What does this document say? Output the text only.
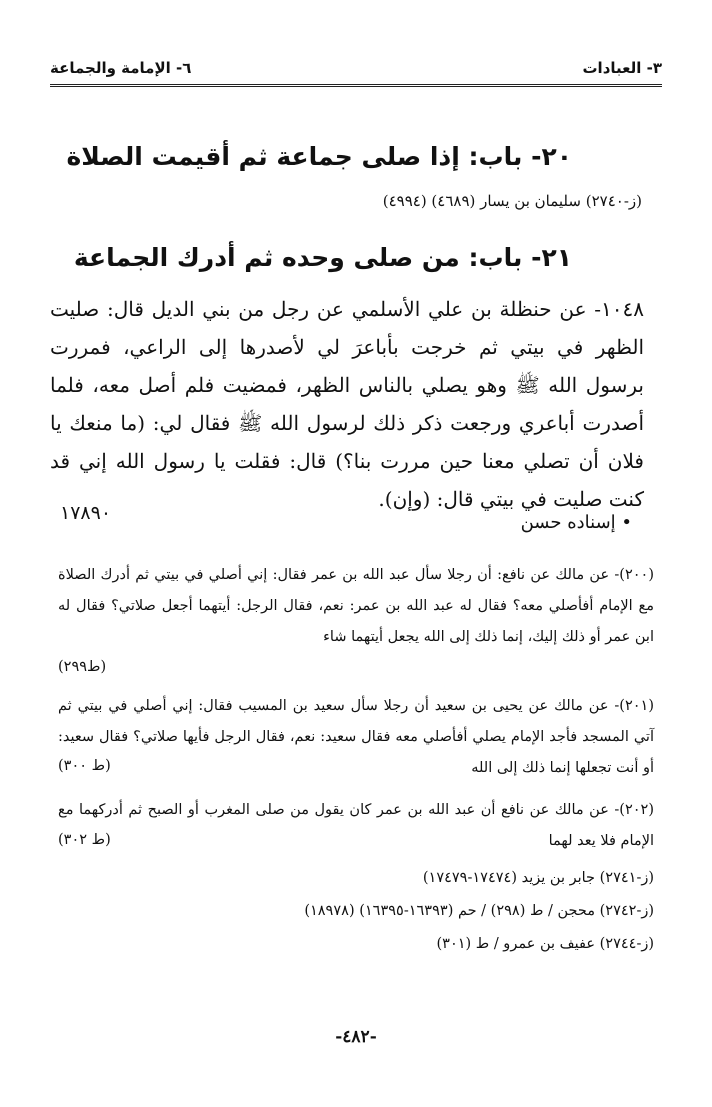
٣- العبادات
٦- الإمامة والجماعة
٢٠- باب: إذا صلى جماعة ثم أقيمت الصلاة
(ز-٢٧٤٠) سليمان بن يسار (٤٦٨٩) (٤٩٩٤)
٢١- باب: من صلى وحده ثم أدرك الجماعة

١٠٤٨- عن حنظلة بن علي الأسلمي عن رجل من بني الديل قال: صليت الظهر في بيتي ثم خرجت بأباعرَ لي لأصدرها إلى الراعي، فمررت برسول الله ﷺ وهو يصلي بالناس الظهر، فمضيت فلم أصل معه، فلما أصدرت أباعري ورجعت ذكر ذلك لرسول الله ﷺ فقال لي: (ما منعك يا فلان أن تصلي معنا حين مررت بنا؟) قال: فقلت يا رسول الله إني قد كنت صليت في بيتي قال: (وإن).

• إسناده حسن
١٧٨٩٠

(٢٠٠)- عن مالك عن نافع: أن رجلا سأل عبد الله بن عمر فقال: إني أصلي في بيتي ثم أدرك الصلاة مع الإمام أفأصلي معه؟ فقال له عبد الله بن عمر: نعم، فقال الرجل: أيتهما أجعل صلاتي؟ فقال له ابن عمر أو ذلك إليك، إنما ذلك إلى الله يجعل أيتهما شاء

(ط٢٩٩)

(٢٠١)- عن مالك عن يحيى بن سعيد أن رجلا سأل سعيد بن المسيب فقال: إني أصلي في بيتي ثم آتي المسجد فأجد الإمام يصلي أفأصلي معه فقال سعيد: نعم، فقال الرجل فأيها صلاتي؟ فقال سعيد: أو أنت تجعلها إنما ذلك إلى الله

(ط ٣٠٠)

(٢٠٢)- عن مالك عن نافع أن عبد الله بن عمر كان يقول من صلى المغرب أو الصبح ثم أدركهما مع الإمام فلا يعد لهما

(ط ٣٠٢)
(ز-٢٧٤١) جابر بن يزيد (١٧٤٧٤-١٧٤٧٩)
(ز-٢٧٤٢) محجن / ط (٢٩٨) / حم (١٦٣٩٣-١٦٣٩٥) (١٨٩٧٨)
(ز-٢٧٤٤) عفيف بن عمرو / ط (٣٠١)
-٤٨٢-
